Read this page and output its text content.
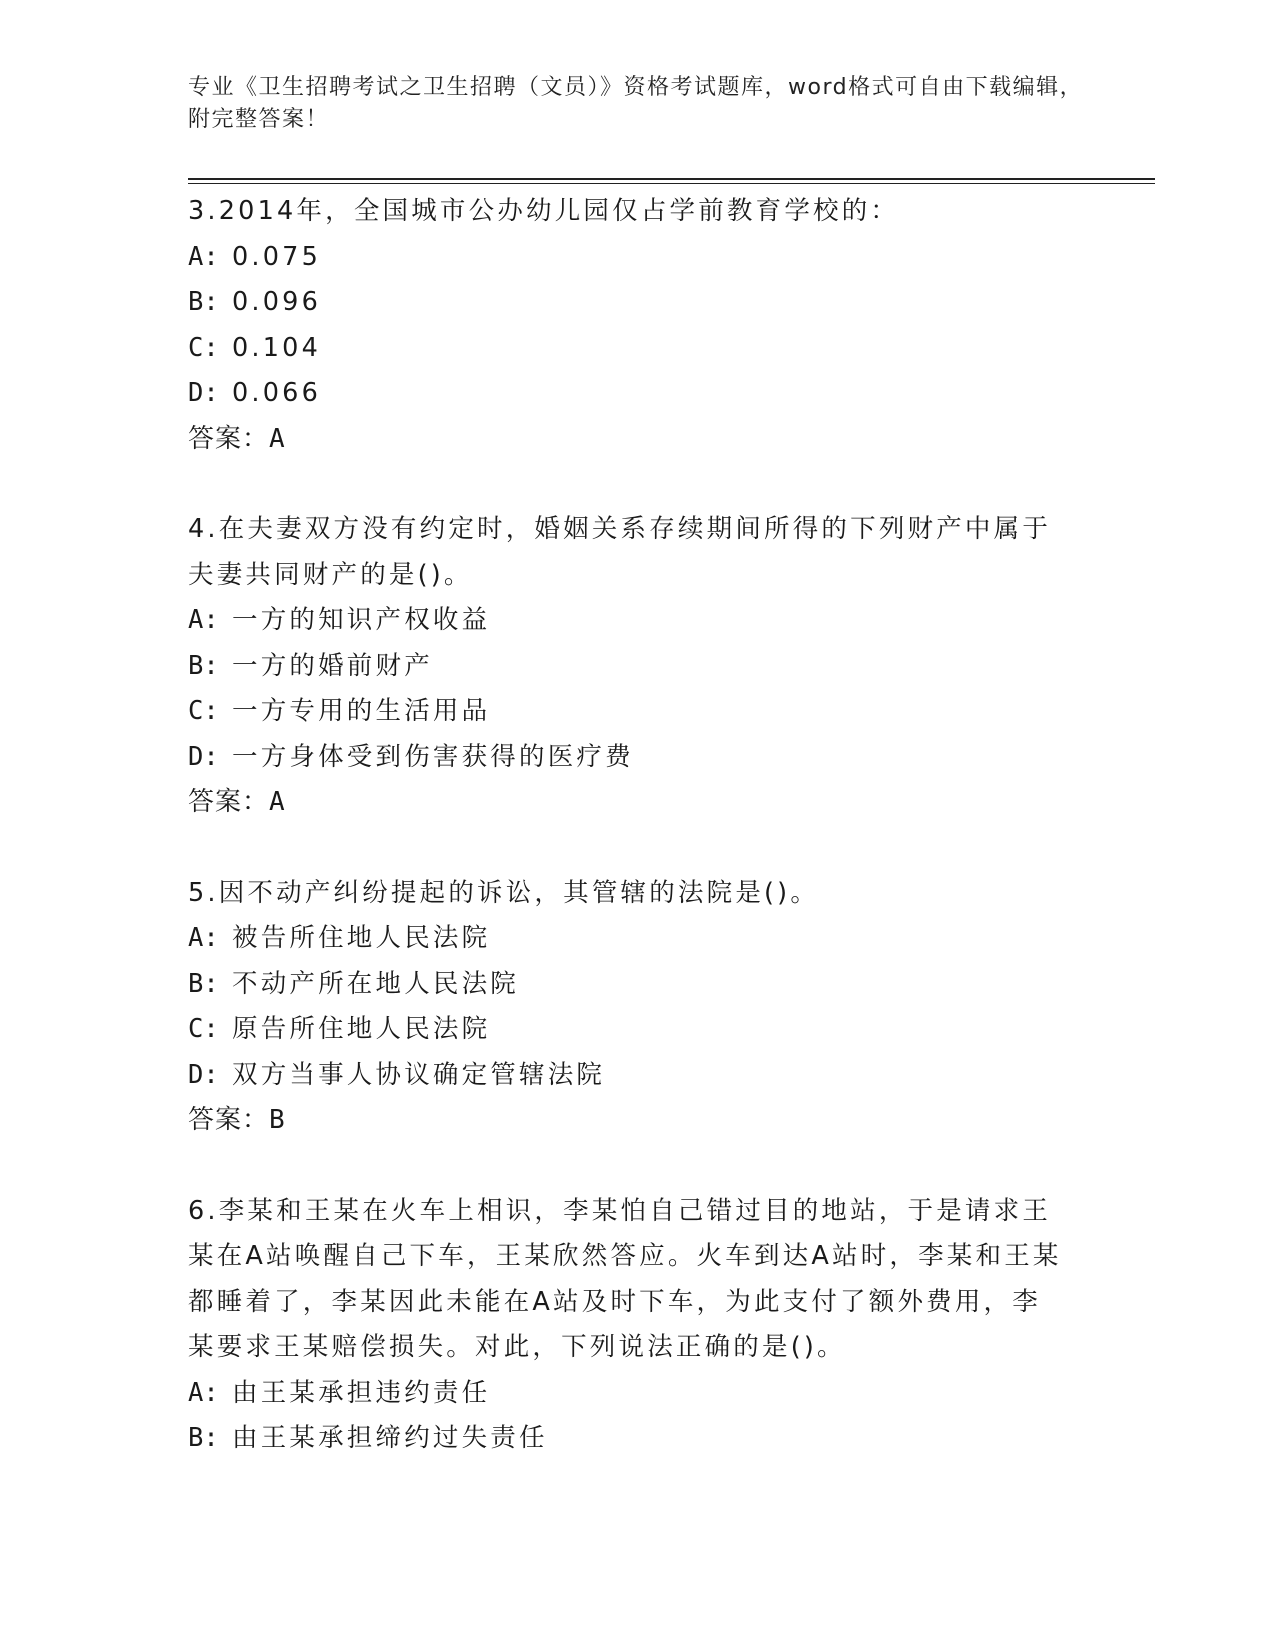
专业《卫生招聘考试之卫生招聘（文员）》资格考试题库，word格式可自由下载编辑，附完整答案！
3.2014年，全国城市公办幼儿园仅占学前教育学校的：
A: 0.075
B: 0.096
C: 0.104
D: 0.066
答案：A
4.在夫妻双方没有约定时，婚姻关系存续期间所得的下列财产中属于夫妻共同财产的是()。
A: 一方的知识产权收益
B: 一方的婚前财产
C: 一方专用的生活用品
D: 一方身体受到伤害获得的医疗费
答案：A
5.因不动产纠纷提起的诉讼，其管辖的法院是()。
A: 被告所住地人民法院
B: 不动产所在地人民法院
C: 原告所住地人民法院
D: 双方当事人协议确定管辖法院
答案：B
6.李某和王某在火车上相识，李某怕自己错过目的地站，于是请求王某在A站唤醒自己下车，王某欣然答应。火车到达A站时，李某和王某都睡着了，李某因此未能在A站及时下车，为此支付了额外费用，李某要求王某赔偿损失。对此，下列说法正确的是()。
A: 由王某承担违约责任
B: 由王某承担缔约过失责任
